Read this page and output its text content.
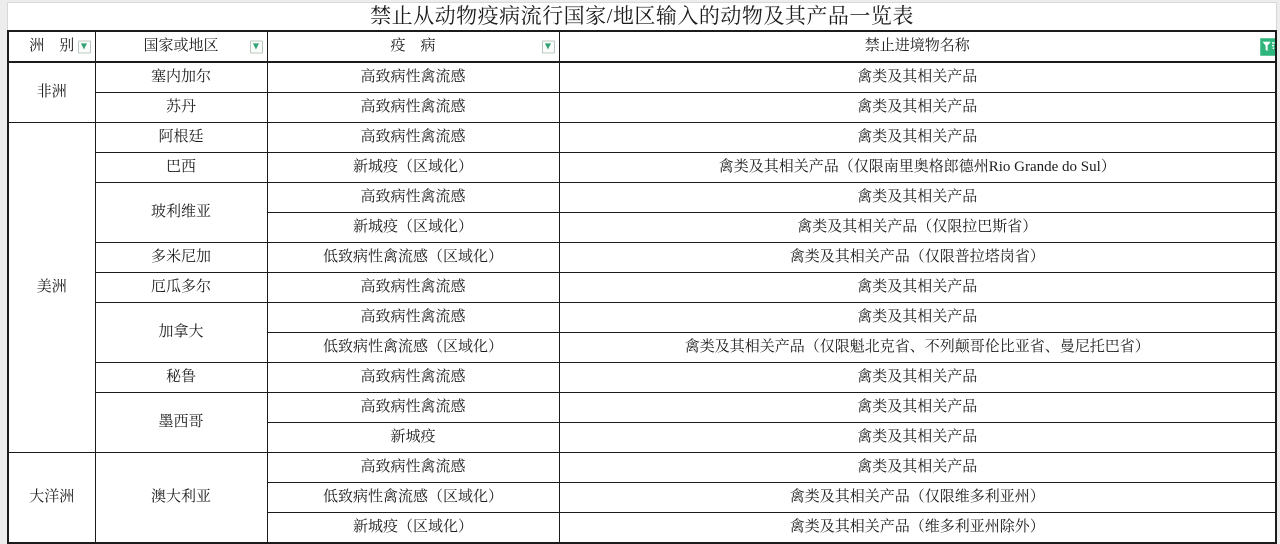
禁止从动物疫病流行国家/地区输入的动物及其产品一览表
洲　别 ▼	国家或地区 ▼	疫　病 ▼	禁止进境物名称

非洲	塞内加尔	高致病性禽流感	禽类及其相关产品
	苏丹	高致病性禽流感	禽类及其相关产品
美洲	阿根廷	高致病性禽流感	禽类及其相关产品
	巴西	新城疫（区域化）	禽类及其相关产品（仅限南里奥格郎德州Rio Grande do Sul）
	玻利维亚	高致病性禽流感	禽类及其相关产品
		新城疫（区域化）	禽类及其相关产品（仅限拉巴斯省）
	多米尼加	低致病性禽流感（区域化）	禽类及其相关产品（仅限普拉塔岗省）
	厄瓜多尔	高致病性禽流感	禽类及其相关产品
	加拿大	高致病性禽流感	禽类及其相关产品
		低致病性禽流感（区域化）	禽类及其相关产品（仅限魁北克省、不列颠哥伦比亚省、曼尼托巴省）
	秘鲁	高致病性禽流感	禽类及其相关产品
	墨西哥	高致病性禽流感	禽类及其相关产品
		新城疫	禽类及其相关产品
大洋洲	澳大利亚	高致病性禽流感	禽类及其相关产品
		低致病性禽流感（区域化）	禽类及其相关产品（仅限维多利亚州）
		新城疫（区域化）	禽类及其相关产品（维多利亚州除外）
